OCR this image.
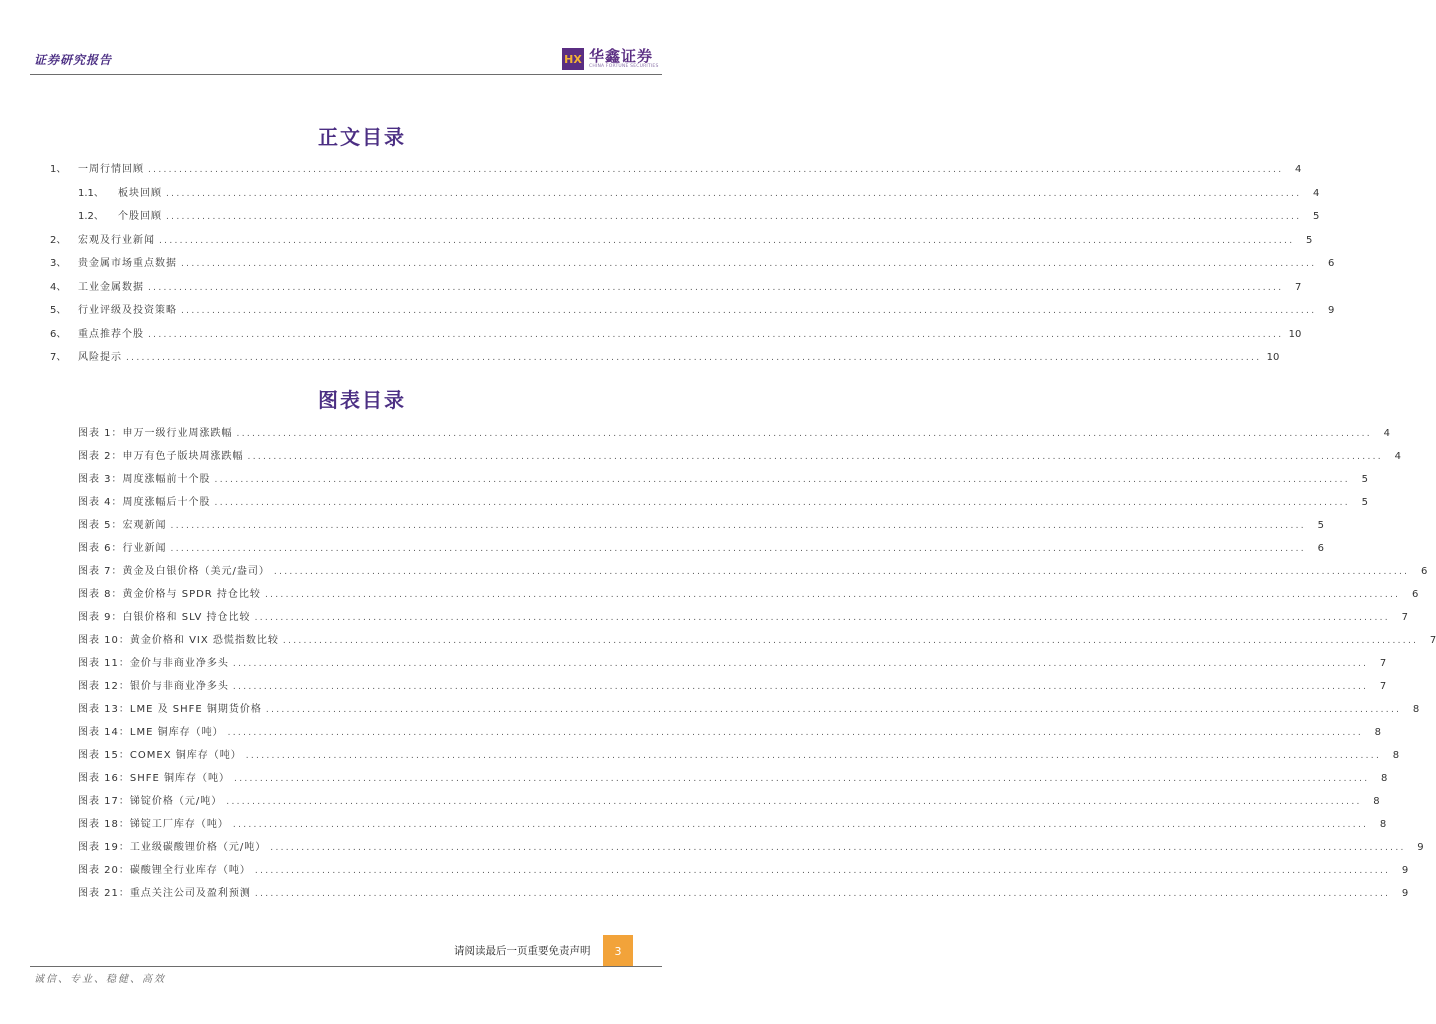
证券研究报告	HX 华鑫证券
CHINA FORTUNE SECURITIES
正文目录
1、	一周行情回顾 ............................................................................................................................................................................................................................	4
1.1、	板块回顾 ............................................................................................................................................................................................................................	4
1.2、	个股回顾 ............................................................................................................................................................................................................................	5
2、	宏观及行业新闻 ............................................................................................................................................................................................................................	5
3、	贵金属市场重点数据 ............................................................................................................................................................................................................................	6
4、	工业金属数据 ............................................................................................................................................................................................................................	7
5、	行业评级及投资策略 ............................................................................................................................................................................................................................	9
6、	重点推荐个股 ............................................................................................................................................................................................................................ 10
7、	风险提示 ............................................................................................................................................................................................................................ 10
图表目录
图表 1：申万一级行业周涨跌幅 ............................................................................................................................................................................................................................	4
图表 2：申万有色子版块周涨跌幅 ............................................................................................................................................................................................................................	4
图表 3：周度涨幅前十个股 ............................................................................................................................................................................................................................	5
图表 4：周度涨幅后十个股 ............................................................................................................................................................................................................................	5
图表 5：宏观新闻 ............................................................................................................................................................................................................................	5
图表 6：行业新闻 ............................................................................................................................................................................................................................	6
图表 7：黄金及白银价格（美元/盎司） ............................................................................................................................................................................................................................	6
图表 8：黄金价格与 SPDR 持仓比较 ............................................................................................................................................................................................................................	6
图表 9：白银价格和 SLV 持仓比较 ............................................................................................................................................................................................................................	7
图表 10：黄金价格和 VIX 恐慌指数比较 ............................................................................................................................................................................................................................	7
图表 11：金价与非商业净多头 ............................................................................................................................................................................................................................	7
图表 12：银价与非商业净多头 ............................................................................................................................................................................................................................	7
图表 13：LME 及 SHFE 铜期货价格 ............................................................................................................................................................................................................................	8
图表 14：LME 铜库存（吨） ............................................................................................................................................................................................................................	8
图表 15：COMEX 铜库存（吨） ............................................................................................................................................................................................................................	8
图表 16：SHFE 铜库存（吨） ............................................................................................................................................................................................................................	8
图表 17：锑锭价格（元/吨） ............................................................................................................................................................................................................................	8
图表 18：锑锭工厂库存（吨） ............................................................................................................................................................................................................................	8
图表 19：工业级碳酸锂价格（元/吨） ............................................................................................................................................................................................................................	9
图表 20：碳酸锂全行业库存（吨） ............................................................................................................................................................................................................................	9
图表 21：重点关注公司及盈利预测 ............................................................................................................................................................................................................................	9
请阅读最后一页重要免责声明	3
诚信、专业、稳健、高效
